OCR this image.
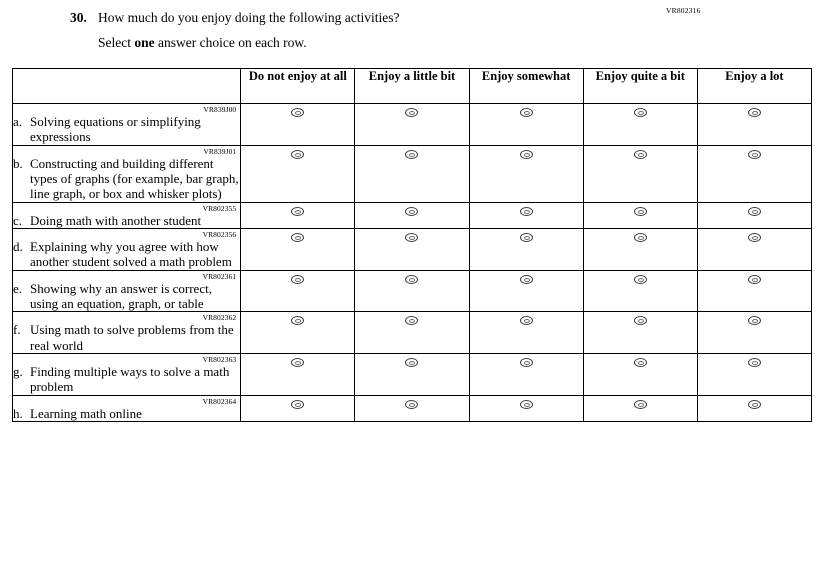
VR802316
30. How much do you enjoy doing the following activities?
Select one answer choice on each row.
	Do not enjoy at all	Enjoy a little bit	Enjoy somewhat	Enjoy quite a bit	Enjoy a lot

VR839J00
a. Solving equations or simplifying expressions					

VR839J01
b. Constructing and building different types of graphs (for example, bar graph, line graph, or box and whisker plots)					

VR802355
c. Doing math with another student					

VR802356
d. Explaining why you agree with how another student solved a math problem					

VR802361
e. Showing why an answer is correct, using an equation, graph, or table					

VR802362
f. Using math to solve problems from the real world					

VR802363
g. Finding multiple ways to solve a math problem					

VR802364
h. Learning math online					
